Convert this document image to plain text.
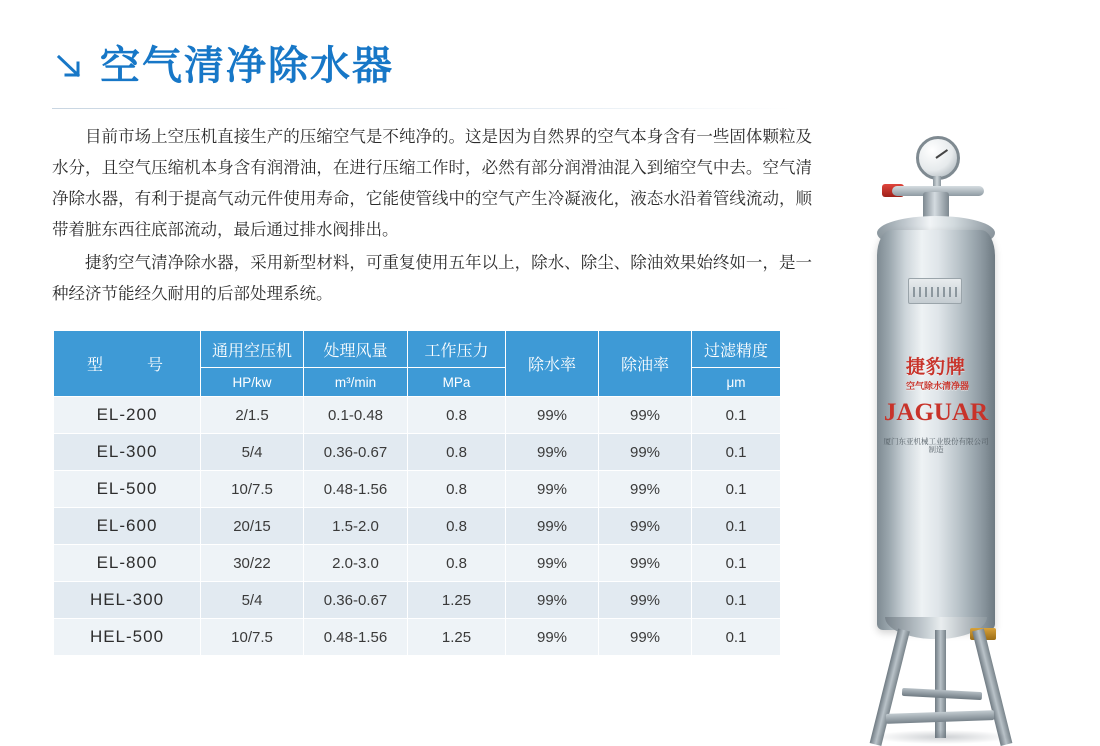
空气清净除水器

目前市场上空压机直接生产的压缩空气是不纯净的。这是因为自然界的空气本身含有一些固体颗粒及水分，且空气压缩机本身含有润滑油，在进行压缩工作时，必然有部分润滑油混入到缩空气中去。空气清净除水器，有利于提高气动元件使用寿命，它能使管线中的空气产生冷凝液化，液态水沿着管线流动，顺带着脏东西往底部流动，最后通过排水阀排出。

捷豹空气清净除水器，采用新型材料，可重复使用五年以上，除水、除尘、除油效果始终如一，是一种经济节能经久耐用的后部处理系统。

型　　号	通用空压机	处理风量	工作压力	除水率	除油率	过滤精度
	HP/kw	m³/min	MPa			μm
EL-200	2/1.5	0.1-0.48	0.8	99%	99%	0.1
EL-300	5/4	0.36-0.67	0.8	99%	99%	0.1
EL-500	10/7.5	0.48-1.56	0.8	99%	99%	0.1
EL-600	20/15	1.5-2.0	0.8	99%	99%	0.1
EL-800	30/22	2.0-3.0	0.8	99%	99%	0.1
HEL-300	5/4	0.36-0.67	1.25	99%	99%	0.1
HEL-500	10/7.5	0.48-1.56	1.25	99%	99%	0.1
捷豹牌空气除水清净器
JAGUAR
厦门东亚机械工业股份有限公司制造
